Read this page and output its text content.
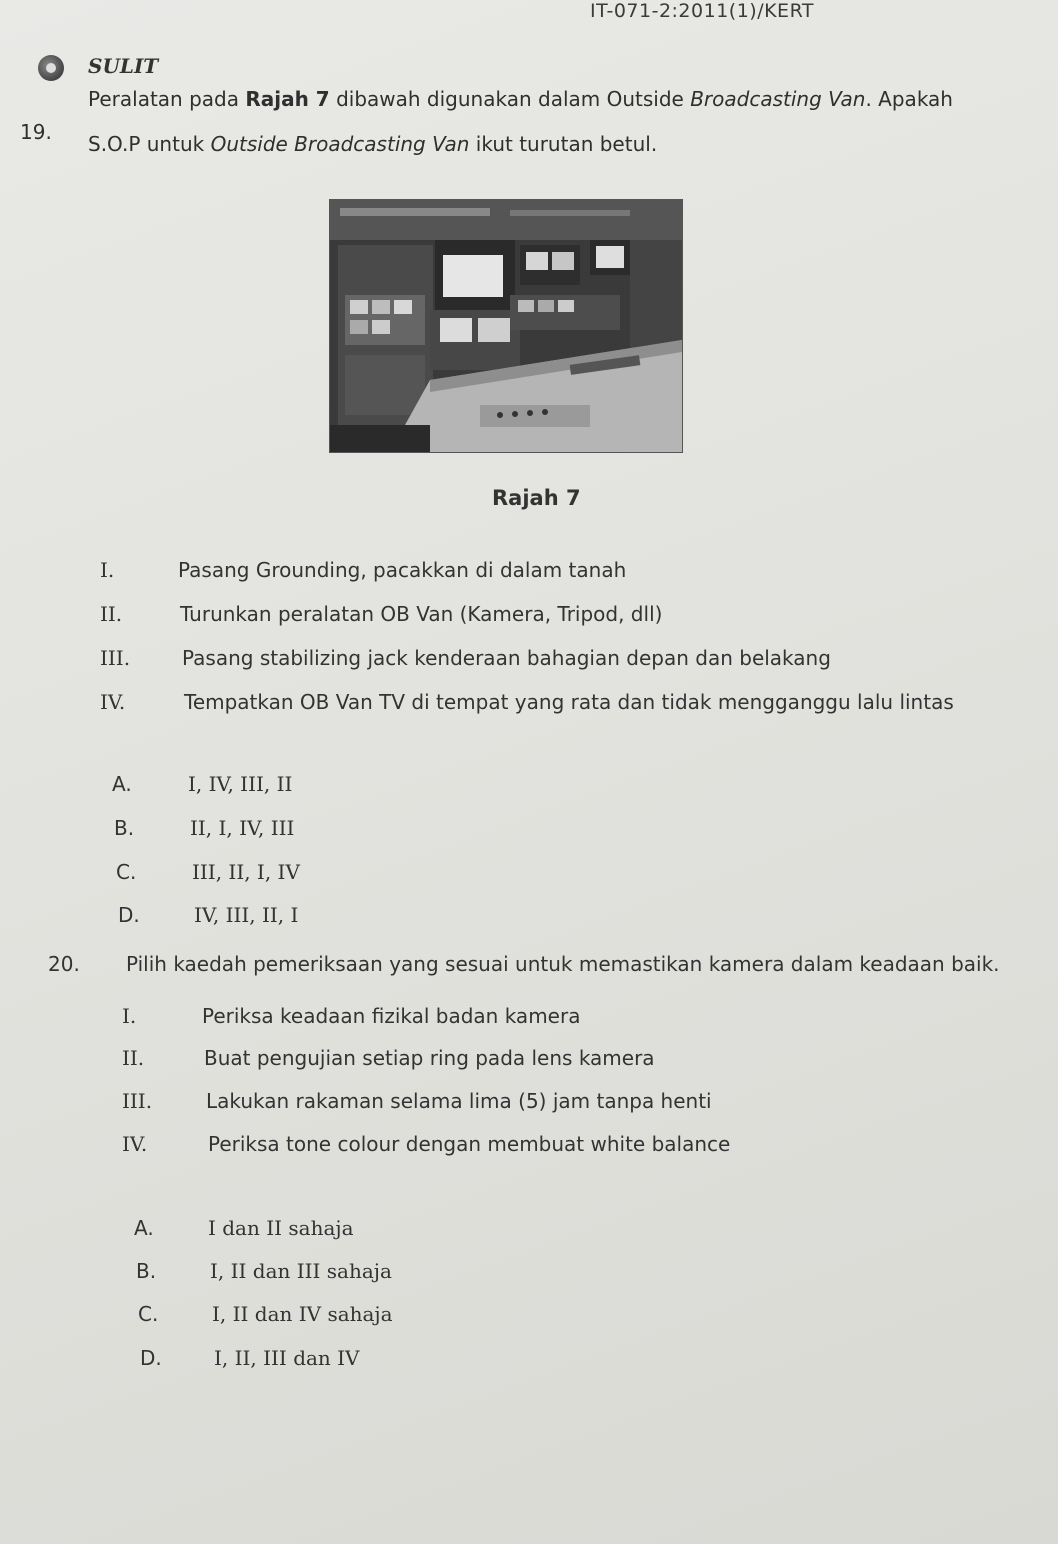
IT-071-2:2011(1)/KERT
SULIT
19.
Peralatan pada Rajah 7 dibawah digunakan dalam Outside Broadcasting Van. Apakah
S.O.P untuk Outside Broadcasting Van ikut turutan betul.
Rajah 7
I.	Pasang Grounding, pacakkan di dalam tanah
II.	Turunkan peralatan OB Van (Kamera, Tripod, dll)
III.	Pasang stabilizing jack kenderaan bahagian depan dan belakang
IV.	Tempatkan OB Van TV di tempat yang rata dan tidak mengganggu lalu lintas
A.	I, IV, III, II
B.	II, I, IV, III
C.	III, II, I, IV
D.	IV, III, II, I
20. Pilih kaedah pemeriksaan yang sesuai untuk memastikan kamera dalam keadaan baik.
I.	Periksa keadaan fizikal badan kamera
II.	Buat pengujian setiap ring pada lens kamera
III.	Lakukan rakaman selama lima (5) jam tanpa henti
IV.	Periksa tone colour dengan membuat white balance
A.	I dan II sahaja
B.	I, II dan III sahaja
C.	I, II dan IV sahaja
D.	I, II, III dan IV
